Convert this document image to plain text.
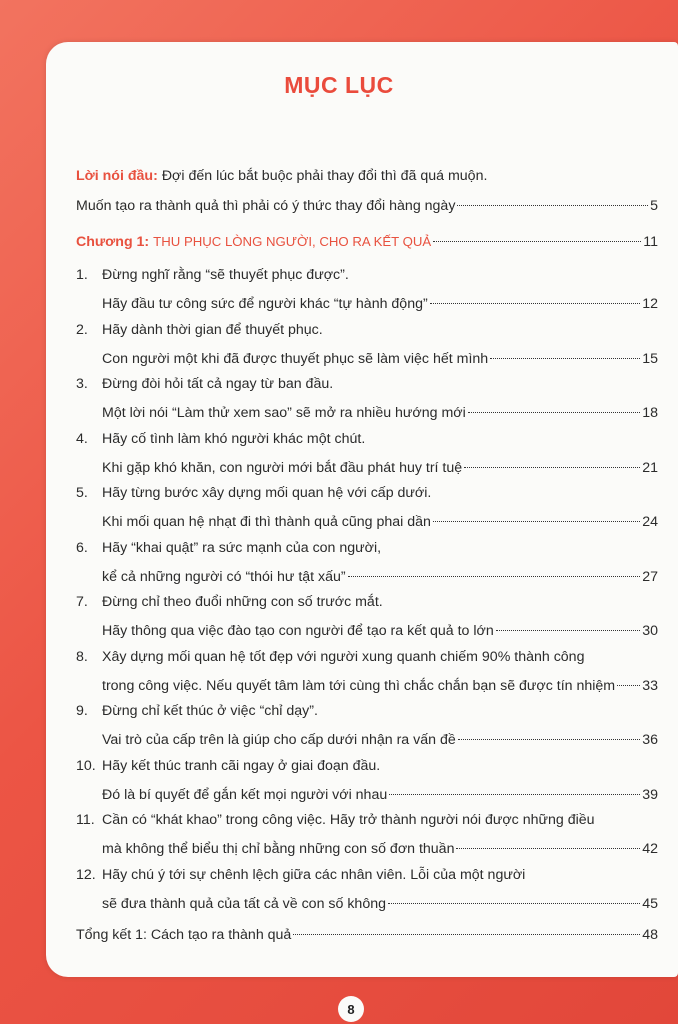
MỤC LỤC
Lời nói đầu: Đợi đến lúc bắt buộc phải thay đổi thì đã quá muộn.
Muốn tạo ra thành quả thì phải có ý thức thay đổi hàng ngày	5
Chương 1: THU PHỤC LÒNG NGƯỜI, CHO RA KẾT QUẢ	11
1. Đừng nghĩ rằng “sẽ thuyết phục được”.
Hãy đầu tư công sức để người khác “tự hành động”	12
2. Hãy dành thời gian để thuyết phục.
Con người một khi đã được thuyết phục sẽ làm việc hết mình	15
3. Đừng đòi hỏi tất cả ngay từ ban đầu.
Một lời nói “Làm thử xem sao” sẽ mở ra nhiều hướng mới	18
4. Hãy cố tình làm khó người khác một chút.
Khi gặp khó khăn, con người mới bắt đầu phát huy trí tuệ	21
5. Hãy từng bước xây dựng mối quan hệ với cấp dưới.
Khi mối quan hệ nhạt đi thì thành quả cũng phai dần	24
6. Hãy “khai quật” ra sức mạnh của con người,
kể cả những người có “thói hư tật xấu”	27
7. Đừng chỉ theo đuổi những con số trước mắt.
Hãy thông qua việc đào tạo con người để tạo ra kết quả to lớn	30
8. Xây dựng mối quan hệ tốt đẹp với người xung quanh chiếm 90% thành công
trong công việc. Nếu quyết tâm làm tới cùng thì chắc chắn bạn sẽ được tín nhiệm 33
9. Đừng chỉ kết thúc ở việc “chỉ dạy”.
Vai trò của cấp trên là giúp cho cấp dưới nhận ra vấn đề	36
10. Hãy kết thúc tranh cãi ngay ở giai đoạn đầu.
Đó là bí quyết để gắn kết mọi người với nhau	39
11. Cần có “khát khao” trong công việc. Hãy trở thành người nói được những điều
mà không thể biểu thị chỉ bằng những con số đơn thuần	42
12. Hãy chú ý tới sự chênh lệch giữa các nhân viên. Lỗi của một người
sẽ đưa thành quả của tất cả về con số không	45
Tổng kết 1: Cách tạo ra thành quả	48
8
